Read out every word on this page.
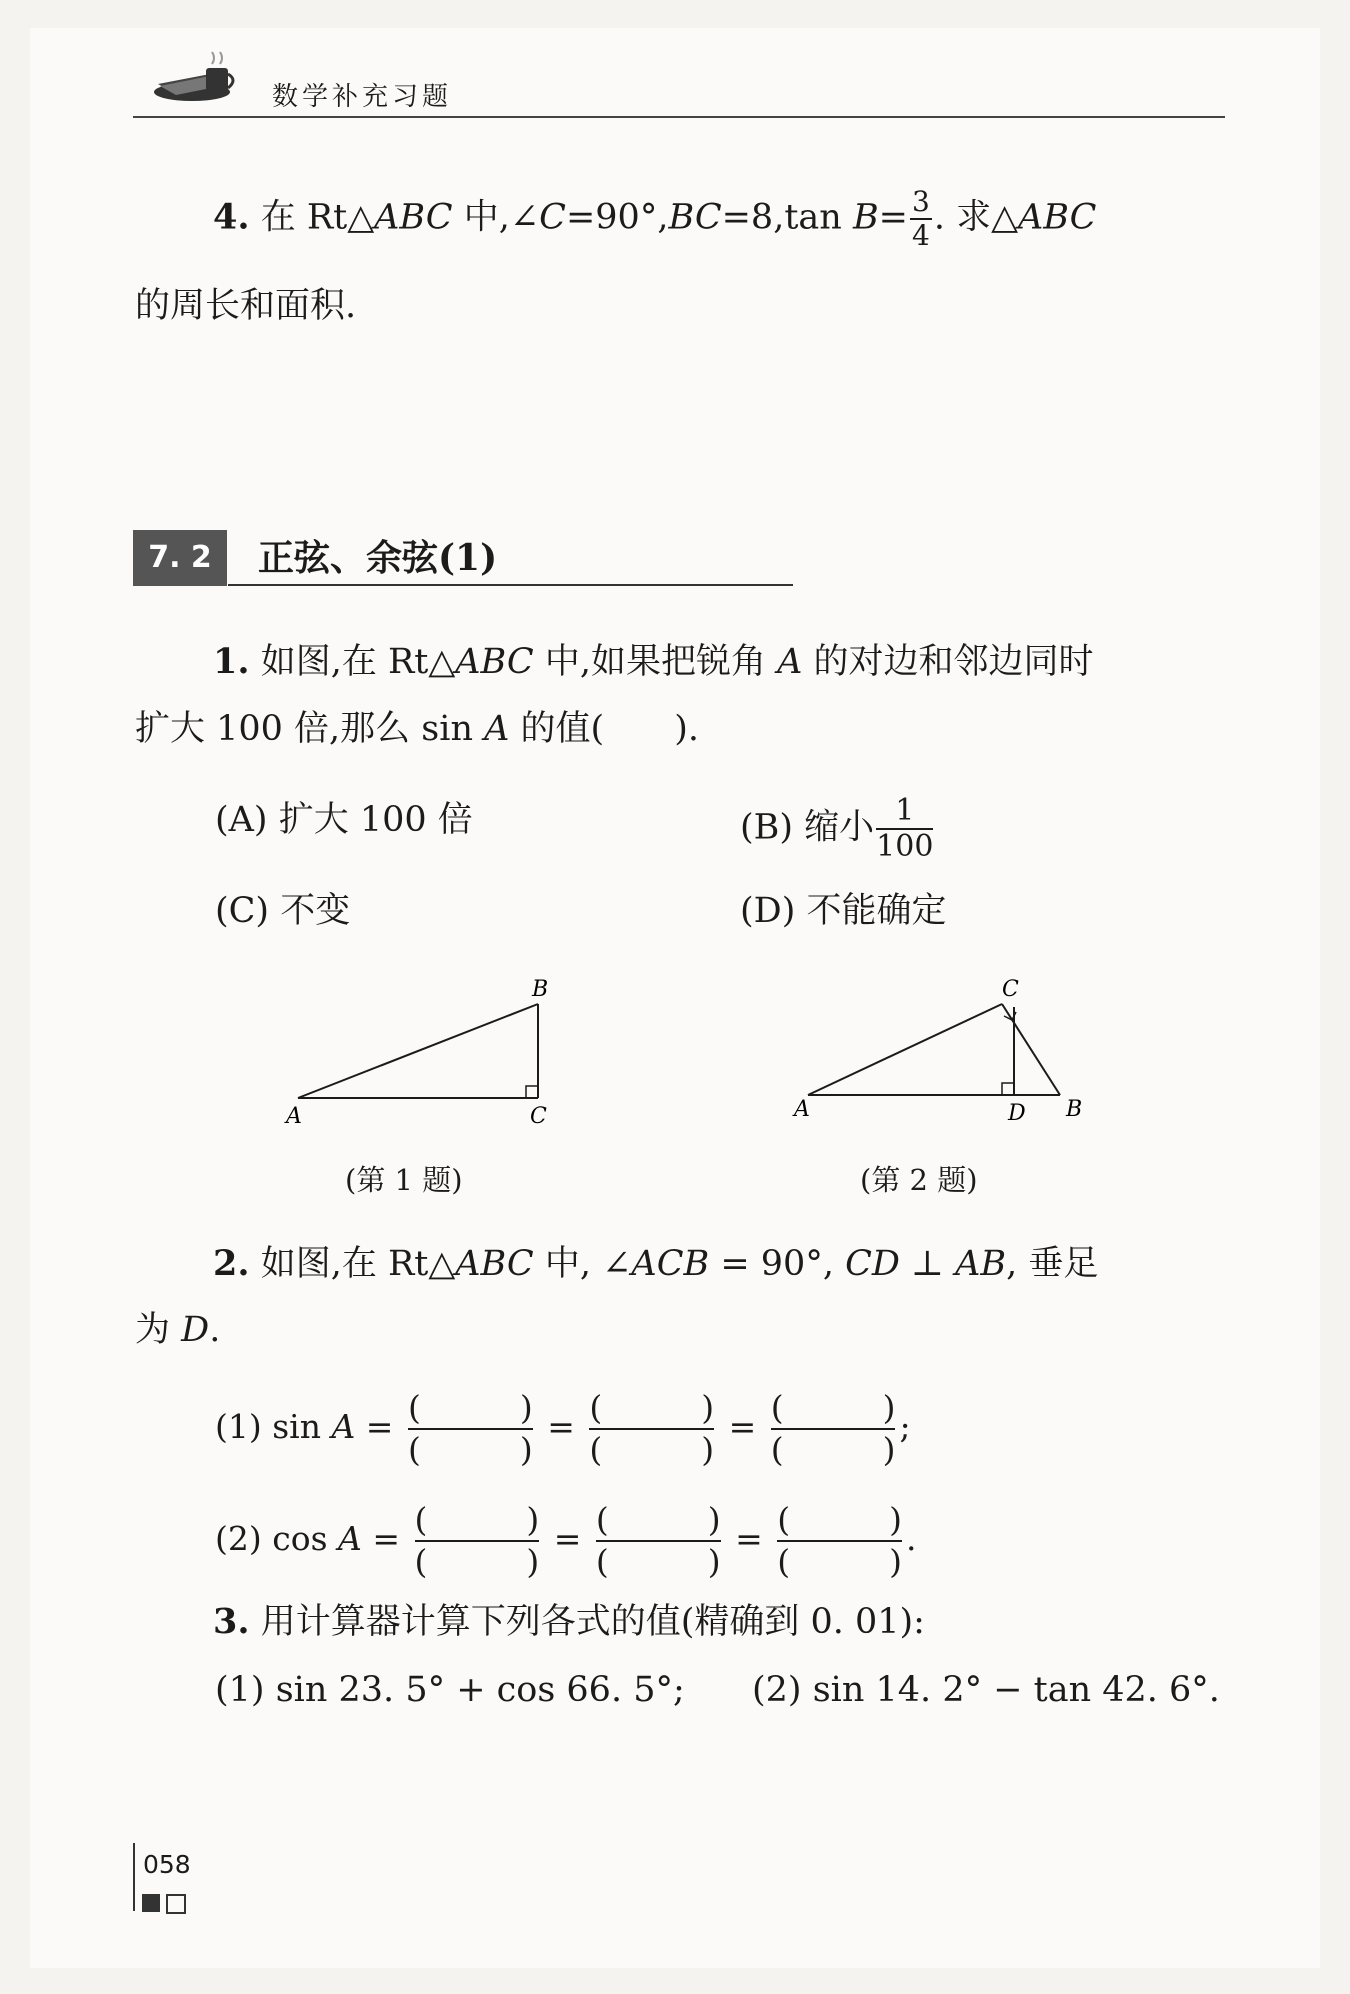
数学补充习题
4. 在 Rt△ABC 中,∠C=90°,BC=8,tan $B= \frac{3}{4}$ . 求△ABC
的周长和面积.
7. 2	正弦、余弦(1)
1. 如图,在 Rt△ABC 中,如果把锐角 A 的对边和邻边同时
扩大 100 倍,那么 sin A 的值(　　).
(A) 扩大 100 倍	(B) 缩小 $\frac{1}{100}$
(C) 不变	(D) 不能确定
A
B
C
(第 1 题)
A
C
D B
(第 2 题)
2. 如图,在 Rt△ABC 中, ∠ACB = 90°, CD ⊥ AB, 垂足
为 D.
(1) sin A = (　　　)
(　　　)
= (　　　)
(　　　)
= (　　　)
(　　　)
;
(2) cos A = (　　　)
(　　　)
= (　　　)
(　　　)
= (　　　)
(　　　)
.
3. 用计算器计算下列各式的值(精确到 0. 01):
(1) sin 23. 5° + cos 66. 5°; (2) sin 14. 2° − tan 42. 6°.
058
